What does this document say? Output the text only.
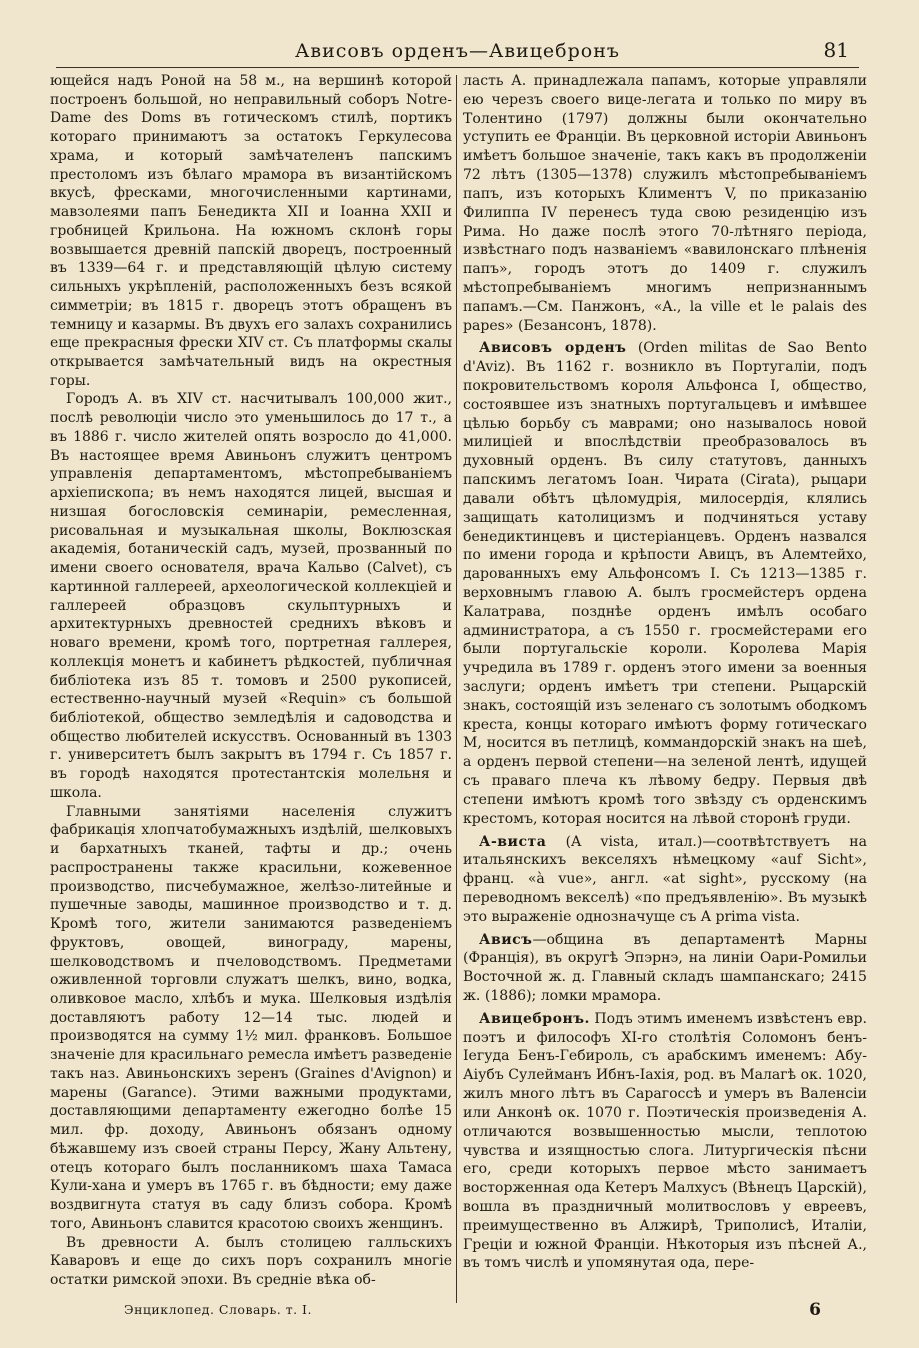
Ависовъ орденъ—Авицебронъ	81

ющейся надъ Роной на 58 м., на вершинѣ которой построенъ большой, но неправильный соборъ Notre-Dame des Doms въ готическомъ стилѣ, портикъ котораго принимаютъ за остатокъ Геркулесова храма, и который замѣчателенъ папскимъ престоломъ изъ бѣлаго мрамора въ византійскомъ вкусѣ, фресками, многочисленными картинами, мавзолеями папъ Бенедикта XII и Іоанна XXII и гробницей Крильона. На южномъ склонѣ горы возвышается древній папскій дворецъ, построенный въ 1339—64 г. и представляющій цѣлую систему сильныхъ укрѣпленій, расположенныхъ безъ всякой симметріи; въ 1815 г. дворецъ этотъ обращенъ въ темницу и казармы. Въ двухъ его залахъ сохранились еще прекрасныя фрески XIV ст. Съ платформы скалы открывается замѣчательный видъ на окрестныя горы.

Городъ А. въ XIV ст. насчитывалъ 100,000 жит., послѣ революціи число это уменьшилось до 17 т., а въ 1886 г. число жителей опять возросло до 41,000. Въ настоящее время Авиньонъ служитъ центромъ управленія департаментомъ, мѣстопребываніемъ архіепископа; въ немъ находятся лицей, высшая и низшая богословскія семинаріи, ремесленная, рисовальная и музыкальная школы, Воклюзская академія, ботаническій садъ, музей, прозванный по имени своего основателя, врача Кальво (Calvet), съ картинной галлереей, археологической коллекціей и галлереей образцовъ скульптурныхъ и архитектурныхъ древностей среднихъ вѣковъ и новаго времени, кромѣ того, портретная галлерея, коллекція монетъ и кабинетъ рѣдкостей, публичная библіотека изъ 85 т. томовъ и 2500 рукописей, естественно-научный музей «Requin» съ большой библіотекой, общество земледѣлія и садоводства и общество любителей искусствъ. Основанный въ 1303 г. университетъ былъ закрытъ въ 1794 г. Съ 1857 г. въ городѣ находятся протестантскія молельня и школа.

Главными занятіями населенія служитъ фабрикація хлопчатобумажныхъ издѣлій, шелковыхъ и бархатныхъ тканей, тафты и др.; очень распространены также красильни, кожевенное производство, писчебумажное, желѣзо-литейные и пушечные заводы, машинное производство и т. д. Кромѣ того, жители занимаются разведеніемъ фруктовъ, овощей, винограду, марены, шелководствомъ и пчеловодствомъ. Предметами оживленной торговли служатъ шелкъ, вино, водка, оливковое масло, хлѣбъ и мука. Шелковыя издѣлія доставляютъ работу 12—14 тыс. людей и производятся на сумму 1½ мил. франковъ. Большое значеніе для красильнаго ремесла имѣетъ разведеніе такъ наз. Авиньонскихъ зеренъ (Graines d'Avignon) и марены (Garance). Этими важными продуктами, доставляющими департаменту ежегодно болѣе 15 мил. фр. доходу, Авиньонъ обязанъ одному бѣжавшему изъ своей страны Персу, Жану Альтену, отецъ котораго былъ посланникомъ шаха Тамаса Кули-хана и умеръ въ 1765 г. въ бѣдности; ему даже воздвигнута статуя въ саду близъ собора. Кромѣ того, Авиньонъ славится красотою своихъ женщинъ.

Въ древности А. былъ столицею галльскихъ Каваровъ и еще до сихъ поръ сохранилъ многіе остатки римской эпохи. Въ средніе вѣка об-

ласть А. принадлежала папамъ, которые управляли ею черезъ своего вице-легата и только по миру въ Толентино (1797) должны были окончательно уступить ее Франціи. Въ церковной исторіи Авиньонъ имѣетъ большое значеніе, такъ какъ въ продолженіи 72 лѣтъ (1305—1378) служилъ мѣстопребываніемъ папъ, изъ которыхъ Климентъ V, по приказанію Филиппа IV перенесъ туда свою резиденцію изъ Рима. Но даже послѣ этого 70-лѣтняго періода, извѣстнаго подъ названіемъ «вавилонскаго плѣненія папъ», городъ этотъ до 1409 г. служилъ мѣстопребываніемъ многимъ непризнаннымъ папамъ.—См. Панжонъ, «A., la ville et le palais des papes» (Безансонъ, 1878).

Ависовъ орденъ (Orden militas de Sao Bento d'Aviz). Въ 1162 г. возникло въ Португаліи, подъ покровительствомъ короля Альфонса I, общество, состоявшее изъ знатныхъ португальцевъ и имѣвшее цѣлью борьбу съ маврами; оно называлось новой милиціей и впослѣдствіи преобразовалось въ духовный орденъ. Въ силу статутовъ, данныхъ папскимъ легатомъ Іоан. Чирата (Cirata), рыцари давали обѣтъ цѣломудрія, милосердія, клялись защищать католицизмъ и подчиняться уставу бенедиктинцевъ и цистеріанцевъ. Орденъ назвался по имени города и крѣпости Авицъ, въ Алемтейхо, дарованныхъ ему Альфонсомъ I. Съ 1213—1385 г. верховнымъ главою А. былъ гросмейстеръ ордена Калатрава, позднѣе орденъ имѣлъ особаго администратора, а съ 1550 г. гросмейстерами его были португальскіе короли. Королева Марія учредила въ 1789 г. орденъ этого имени за военныя заслуги; орденъ имѣетъ три степени. Рыцарскій знакъ, состоящій изъ зеленаго съ золотымъ ободкомъ креста, концы котораго имѣютъ форму готическаго М, носится въ петлицѣ, коммандорскій знакъ на шеѣ, а орденъ первой степени—на зеленой лентѣ, идущей съ праваго плеча къ лѣвому бедру. Первыя двѣ степени имѣютъ кромѣ того звѣзду съ орденскимъ крестомъ, которая носится на лѣвой сторонѣ груди.

А-виста (A vista, итал.)—соотвѣтствуетъ на итальянскихъ векселяхъ нѣмецкому «auf Sicht», франц. «à vue», англ. «at sight», русскому (на переводномъ векселѣ) «по предъявленію». Въ музыкѣ это выраженіе однозначуще съ A prima vista.

Ависъ—община въ департаментѣ Марны (Франція), въ округѣ Эпэрнэ, на линіи Оари-Ромильи Восточной ж. д. Главный складъ шампанскаго; 2415 ж. (1886); ломки мрамора.

Авицебронъ. Подъ этимъ именемъ извѣстенъ евр. поэтъ и философъ XI-го столѣтія Соломонъ бенъ-Іегуда Бенъ-Гебироль, съ арабскимъ именемъ: Абу-Аіубъ Сулейманъ Ибнъ-Іахія, род. въ Малагѣ ок. 1020, жилъ много лѣтъ въ Сарагоссѣ и умеръ въ Валенсіи или Анконѣ ок. 1070 г. Поэтическія произведенія А. отличаются возвышенностью мысли, теплотою чувства и изящностью слога. Литургическія пѣсни его, среди которыхъ первое мѣсто занимаетъ восторженная ода Кетеръ Малхусъ (Вѣнецъ Царскій), вошла въ праздничный молитвословъ у евреевъ, преимущественно въ Алжирѣ, Триполисѣ, Италіи, Греціи и южной Франціи. Нѣкоторыя изъ пѣсней А., въ томъ числѣ и упомянутая ода, пере-

Энциклопед. Словарь. т. I.	6
